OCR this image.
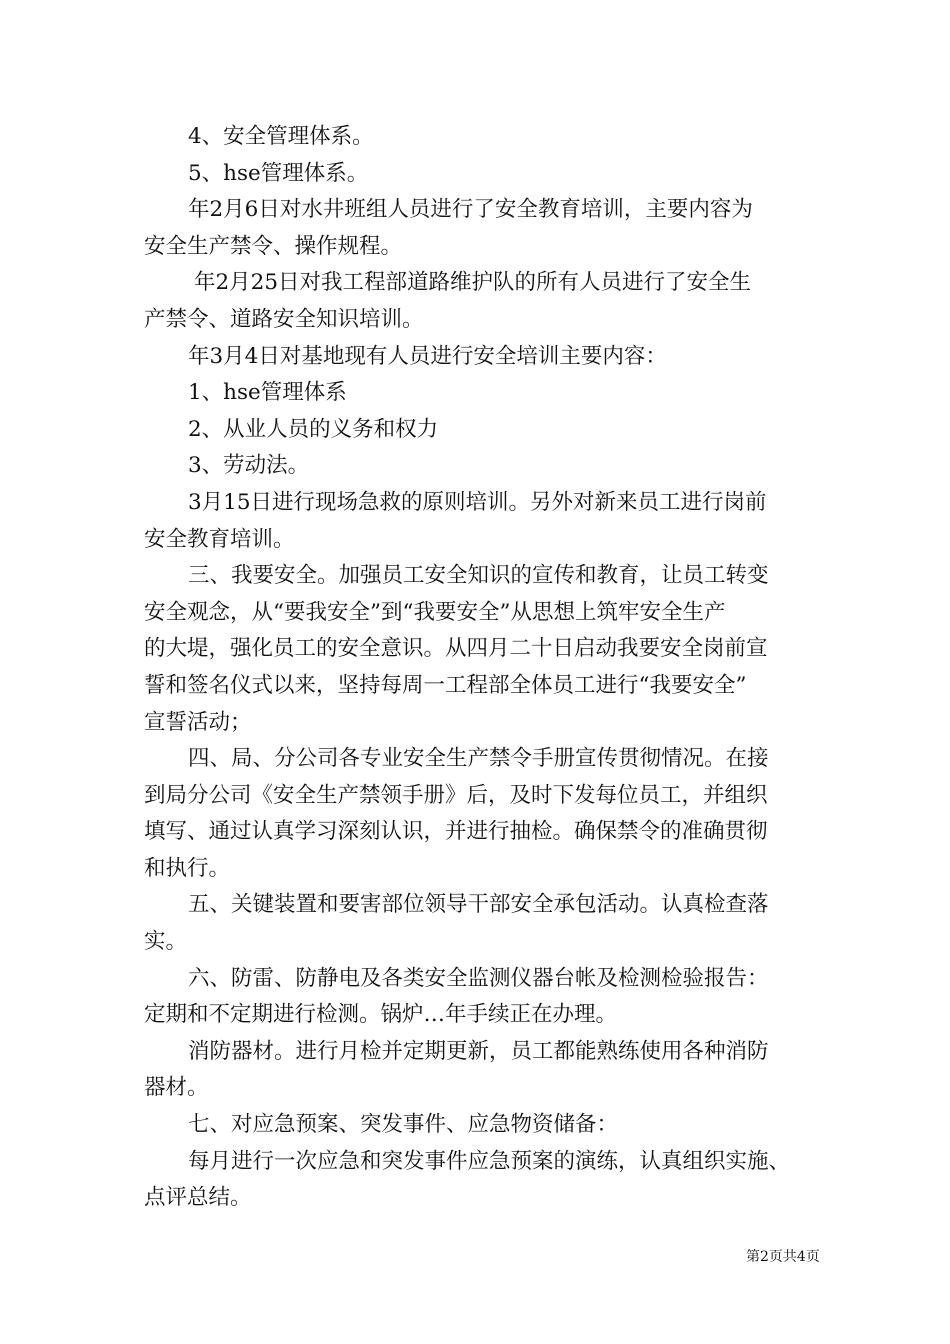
4、安全管理体系。
5、hse管理体系。
年2月6日对水井班组人员进行了安全教育培训，主要内容为
安全生产禁令、操作规程。
年2月25日对我工程部道路维护队的所有人员进行了安全生
产禁令、道路安全知识培训。
年3月4日对基地现有人员进行安全培训主要内容：
1、hse管理体系
2、从业人员的义务和权力
3、劳动法。
3月15日进行现场急救的原则培训。另外对新来员工进行岗前
安全教育培训。
三、我要安全。加强员工安全知识的宣传和教育，让员工转变
安全观念，从“要我安全”到“我要安全”从思想上筑牢安全生产
的大堤，强化员工的安全意识。从四月二十日启动我要安全岗前宣
誓和签名仪式以来，坚持每周一工程部全体员工进行“我要安全”
宣誓活动；
四、局、分公司各专业安全生产禁令手册宣传贯彻情况。在接
到局分公司《安全生产禁领手册》后，及时下发每位员工，并组织
填写、通过认真学习深刻认识，并进行抽检。确保禁令的准确贯彻
和执行。
五、关键装置和要害部位领导干部安全承包活动。认真检查落
实。
六、防雷、防静电及各类安全监测仪器台帐及检测检验报告：
定期和不定期进行检测。锅炉…年手续正在办理。
消防器材。进行月检并定期更新，员工都能熟练使用各种消防
器材。
七、对应急预案、突发事件、应急物资储备：
每月进行一次应急和突发事件应急预案的演练，认真组织实施、
点评总结。
第2页共4页
